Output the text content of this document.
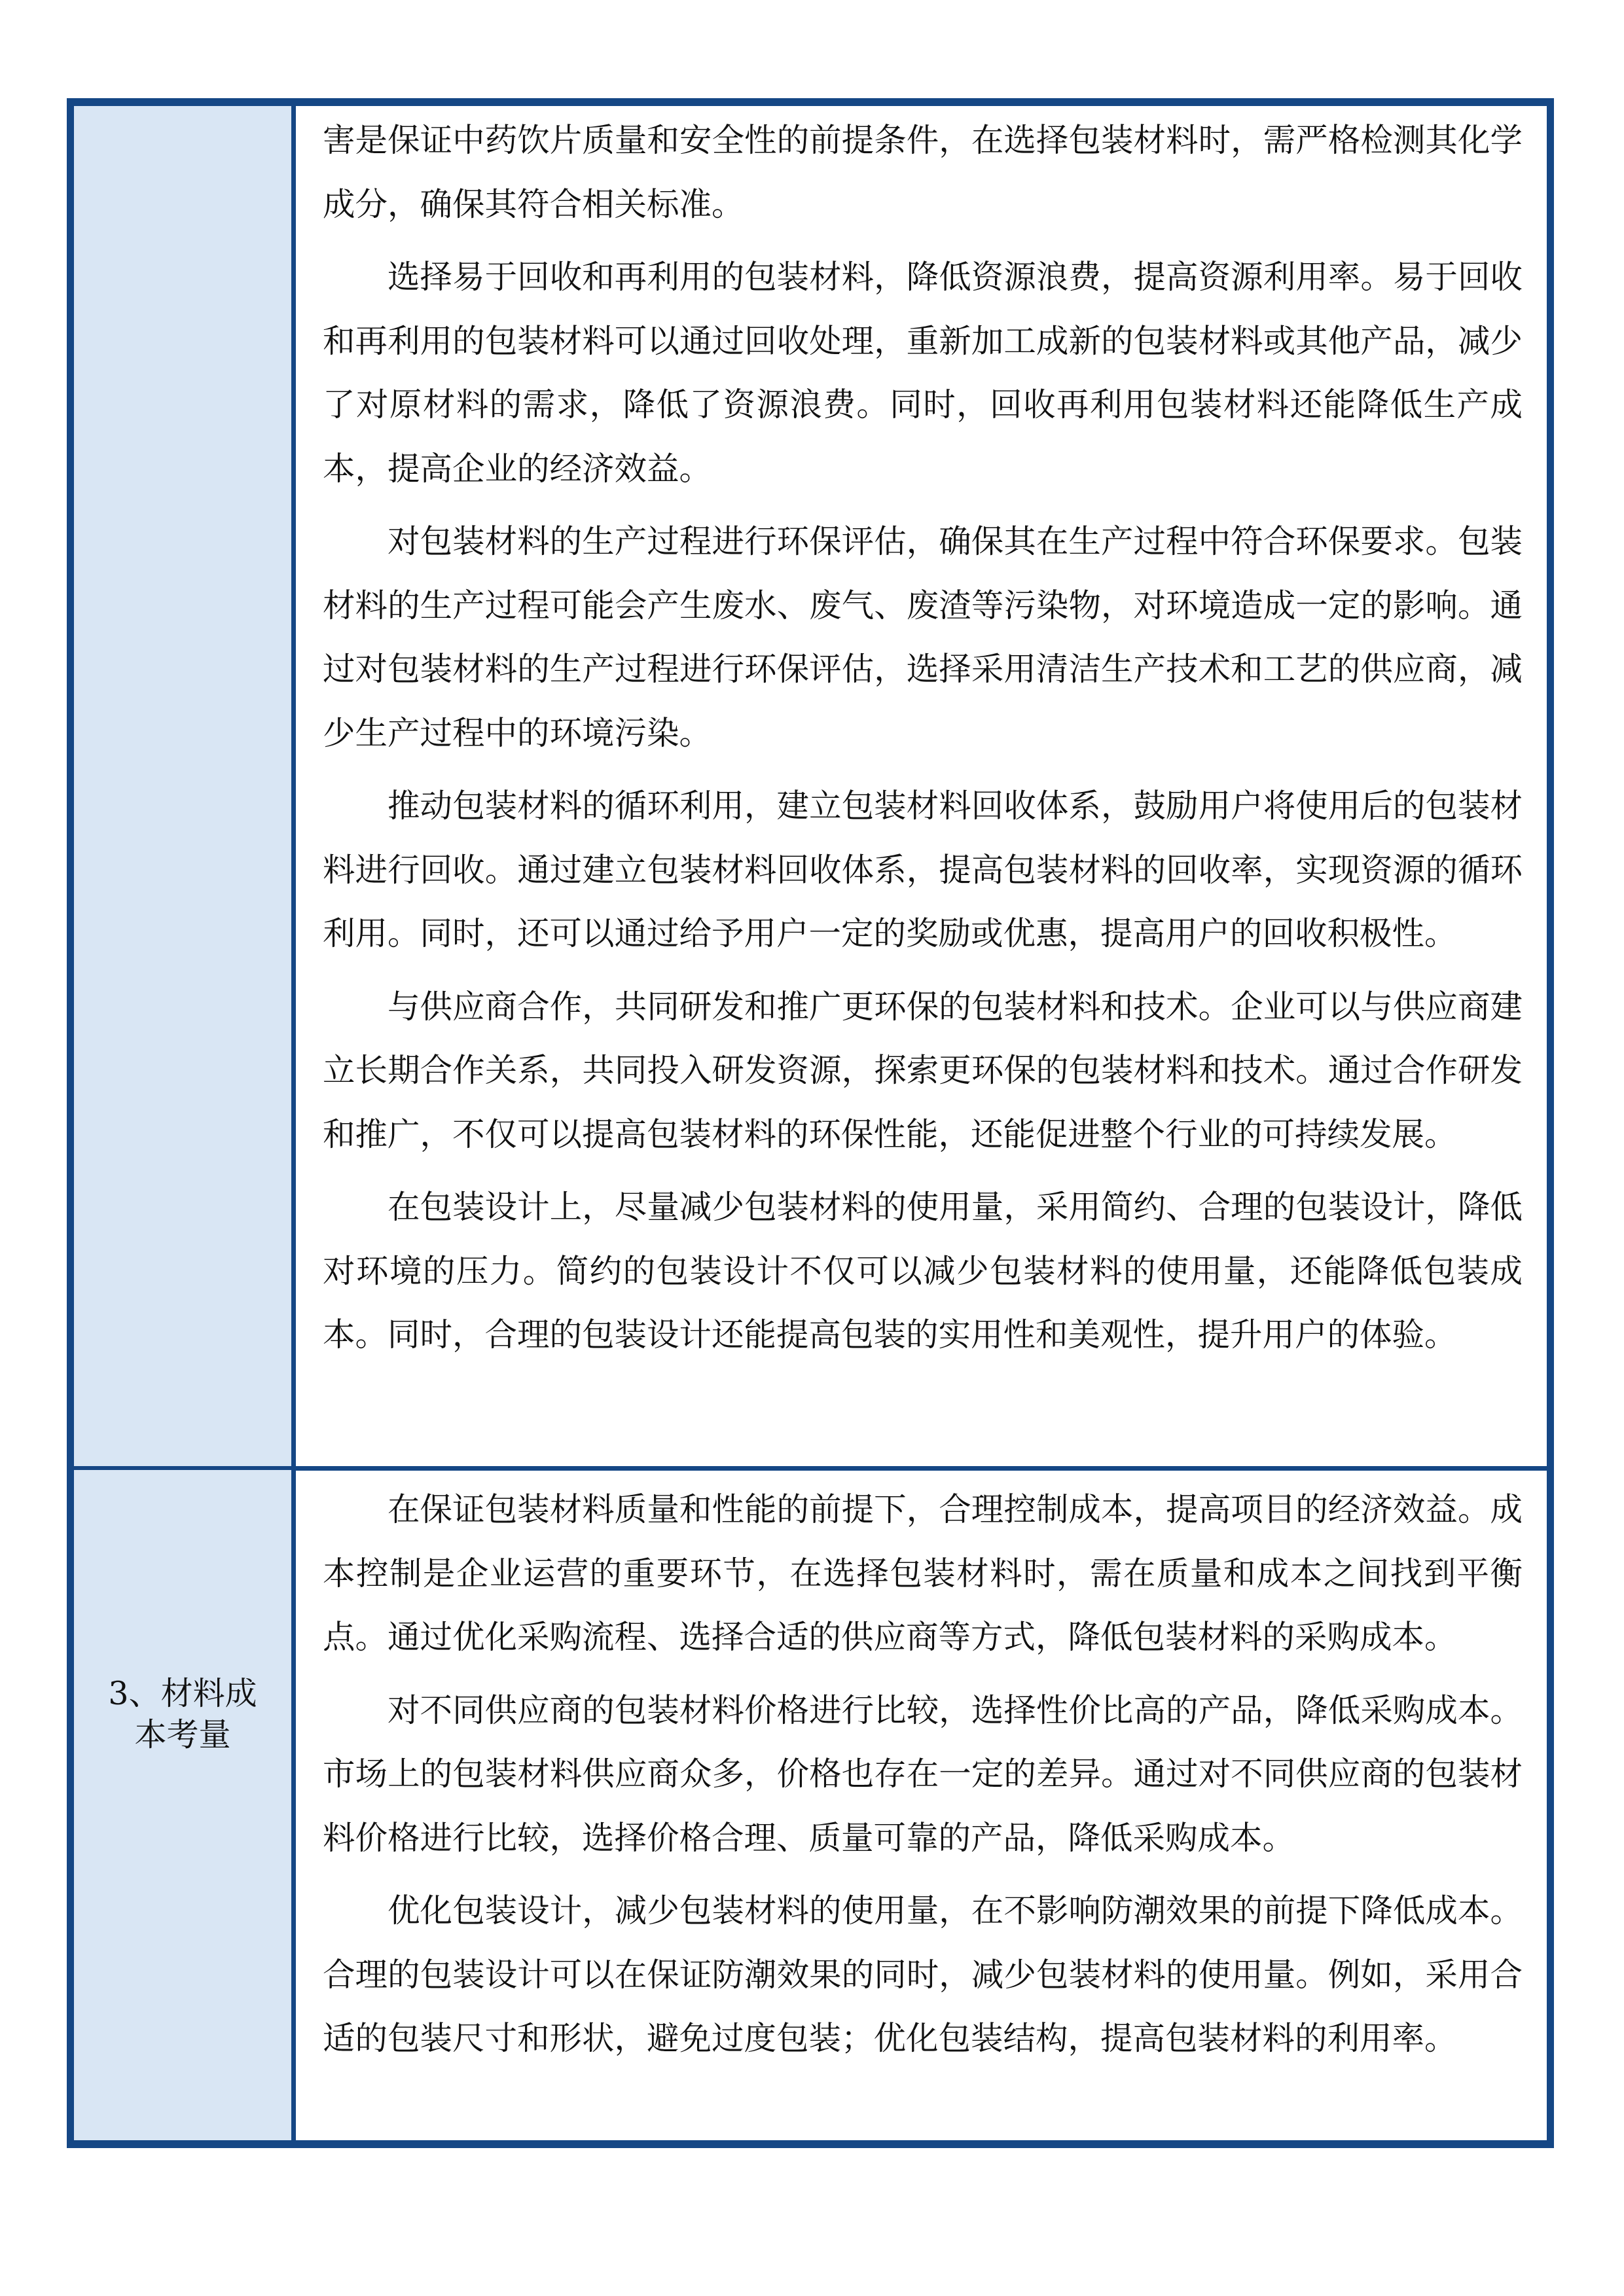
害是保证中药饮片质量和安全性的前提条件，在选择包装材料时，需严格检测其化学成分，确保其符合相关标准。

选择易于回收和再利用的包装材料，降低资源浪费，提高资源利用率。易于回收和再利用的包装材料可以通过回收处理，重新加工成新的包装材料或其他产品，减少了对原材料的需求，降低了资源浪费。同时，回收再利用包装材料还能降低生产成本，提高企业的经济效益。

对包装材料的生产过程进行环保评估，确保其在生产过程中符合环保要求。包装材料的生产过程可能会产生废水、废气、废渣等污染物，对环境造成一定的影响。通过对包装材料的生产过程进行环保评估，选择采用清洁生产技术和工艺的供应商，减少生产过程中的环境污染。

推动包装材料的循环利用，建立包装材料回收体系，鼓励用户将使用后的包装材料进行回收。通过建立包装材料回收体系，提高包装材料的回收率，实现资源的循环利用。同时，还可以通过给予用户一定的奖励或优惠，提高用户的回收积极性。

与供应商合作，共同研发和推广更环保的包装材料和技术。企业可以与供应商建立长期合作关系，共同投入研发资源，探索更环保的包装材料和技术。通过合作研发和推广，不仅可以提高包装材料的环保性能，还能促进整个行业的可持续发展。

在包装设计上，尽量减少包装材料的使用量，采用简约、合理的包装设计，降低对环境的压力。简约的包装设计不仅可以减少包装材料的使用量，还能降低包装成本。同时，合理的包装设计还能提高包装的实用性和美观性，提升用户的体验。

3、材料成本考量

在保证包装材料质量和性能的前提下，合理控制成本，提高项目的经济效益。成本控制是企业运营的重要环节，在选择包装材料时，需在质量和成本之间找到平衡点。通过优化采购流程、选择合适的供应商等方式，降低包装材料的采购成本。

对不同供应商的包装材料价格进行比较，选择性价比高的产品，降低采购成本。市场上的包装材料供应商众多，价格也存在一定的差异。通过对不同供应商的包装材料价格进行比较，选择价格合理、质量可靠的产品，降低采购成本。

优化包装设计，减少包装材料的使用量，在不影响防潮效果的前提下降低成本。合理的包装设计可以在保证防潮效果的同时，减少包装材料的使用量。例如，采用合适的包装尺寸和形状，避免过度包装；优化包装结构，提高包装材料的利用率。
